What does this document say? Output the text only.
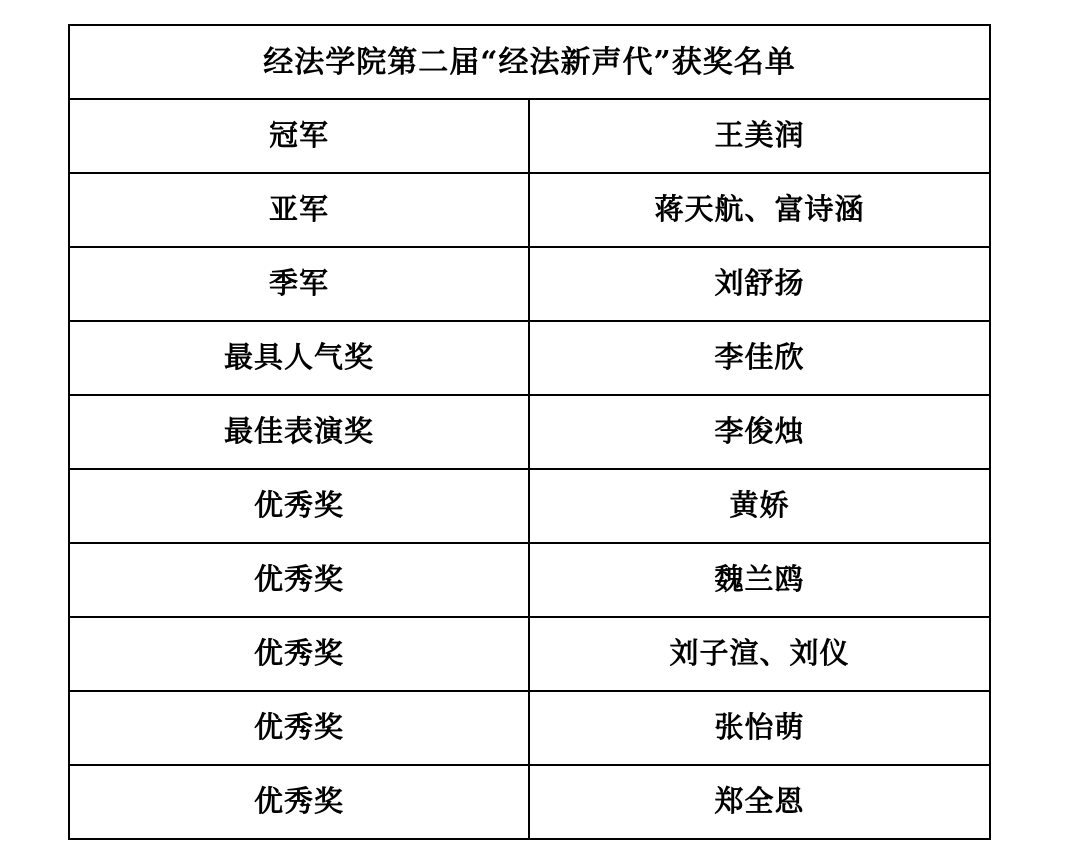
经法学院第二届“经法新声代”获奖名单	
冠军	王美润
亚军	蒋天航、富诗涵
季军	刘舒扬
最具人气奖	李佳欣
最佳表演奖	李俊烛
优秀奖	黄娇
优秀奖	魏兰鸥
优秀奖	刘子渲、刘仪
优秀奖	张怡萌
优秀奖	郑全恩
